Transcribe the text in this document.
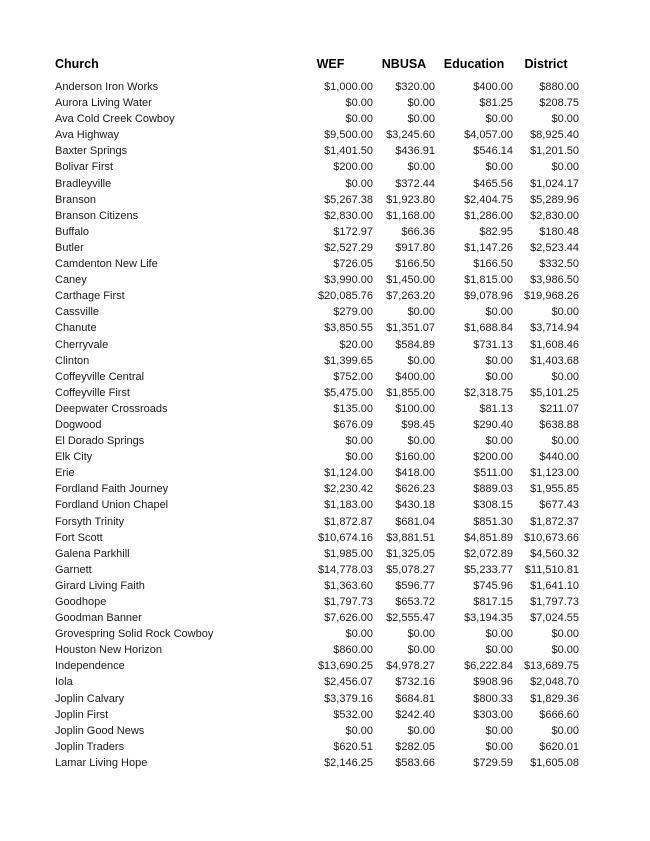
Church	WEF	NBUSA	Education	District
Anderson Iron Works	$1,000.00	$320.00	$400.00	$880.00
Aurora Living Water	$0.00	$0.00	$81.25	$208.75
Ava Cold Creek Cowboy	$0.00	$0.00	$0.00	$0.00
Ava Highway	$9,500.00	$3,245.60	$4,057.00	$8,925.40
Baxter Springs	$1,401.50	$436.91	$546.14	$1,201.50
Bolivar First	$200.00	$0.00	$0.00	$0.00
Bradleyville	$0.00	$372.44	$465.56	$1,024.17
Branson	$5,267.38	$1,923.80	$2,404.75	$5,289.96
Branson Citizens	$2,830.00	$1,168.00	$1,286.00	$2,830.00
Buffalo	$172.97	$66.36	$82.95	$180.48
Butler	$2,527.29	$917.80	$1,147.26	$2,523.44
Camdenton New Life	$726.05	$166.50	$166.50	$332.50
Caney	$3,990.00	$1,450.00	$1,815.00	$3,986.50
Carthage First	$20,085.76	$7,263.20	$9,078.96	$19,968.26
Cassville	$279.00	$0.00	$0.00	$0.00
Chanute	$3,850.55	$1,351.07	$1,688.84	$3,714.94
Cherryvale	$20.00	$584.89	$731.13	$1,608.46
Clinton	$1,399.65	$0.00	$0.00	$1,403.68
Coffeyville Central	$752.00	$400.00	$0.00	$0.00
Coffeyville First	$5,475.00	$1,855.00	$2,318.75	$5,101.25
Deepwater Crossroads	$135.00	$100.00	$81.13	$211.07
Dogwood	$676.09	$98.45	$290.40	$638.88
El Dorado Springs	$0.00	$0.00	$0.00	$0.00
Elk City	$0.00	$160.00	$200.00	$440.00
Erie	$1,124.00	$418.00	$511.00	$1,123.00
Fordland Faith Journey	$2,230.42	$626.23	$889.03	$1,955.85
Fordland Union Chapel	$1,183.00	$430.18	$308.15	$677.43
Forsyth Trinity	$1,872.87	$681.04	$851.30	$1,872.37
Fort Scott	$10,674.16	$3,881.51	$4,851.89	$10,673.66
Galena Parkhill	$1,985.00	$1,325.05	$2,072.89	$4,560.32
Garnett	$14,778.03	$5,078.27	$5,233.77	$11,510.81
Girard Living Faith	$1,363.60	$596.77	$745.96	$1,641.10
Goodhope	$1,797.73	$653.72	$817.15	$1,797.73
Goodman Banner	$7,626.00	$2,555.47	$3,194.35	$7,024.55
Grovespring Solid Rock Cowboy	$0.00	$0.00	$0.00	$0.00
Houston New Horizon	$860.00	$0.00	$0.00	$0.00
Independence	$13,690.25	$4,978.27	$6,222.84	$13,689.75
Iola	$2,456.07	$732.16	$908.96	$2,048.70
Joplin Calvary	$3,379.16	$684.81	$800.33	$1,829.36
Joplin First	$532.00	$242.40	$303.00	$666.60
Joplin Good News	$0.00	$0.00	$0.00	$0.00
Joplin Traders	$620.51	$282.05	$0.00	$620.01
Lamar Living Hope	$2,146.25	$583.66	$729.59	$1,605.08
